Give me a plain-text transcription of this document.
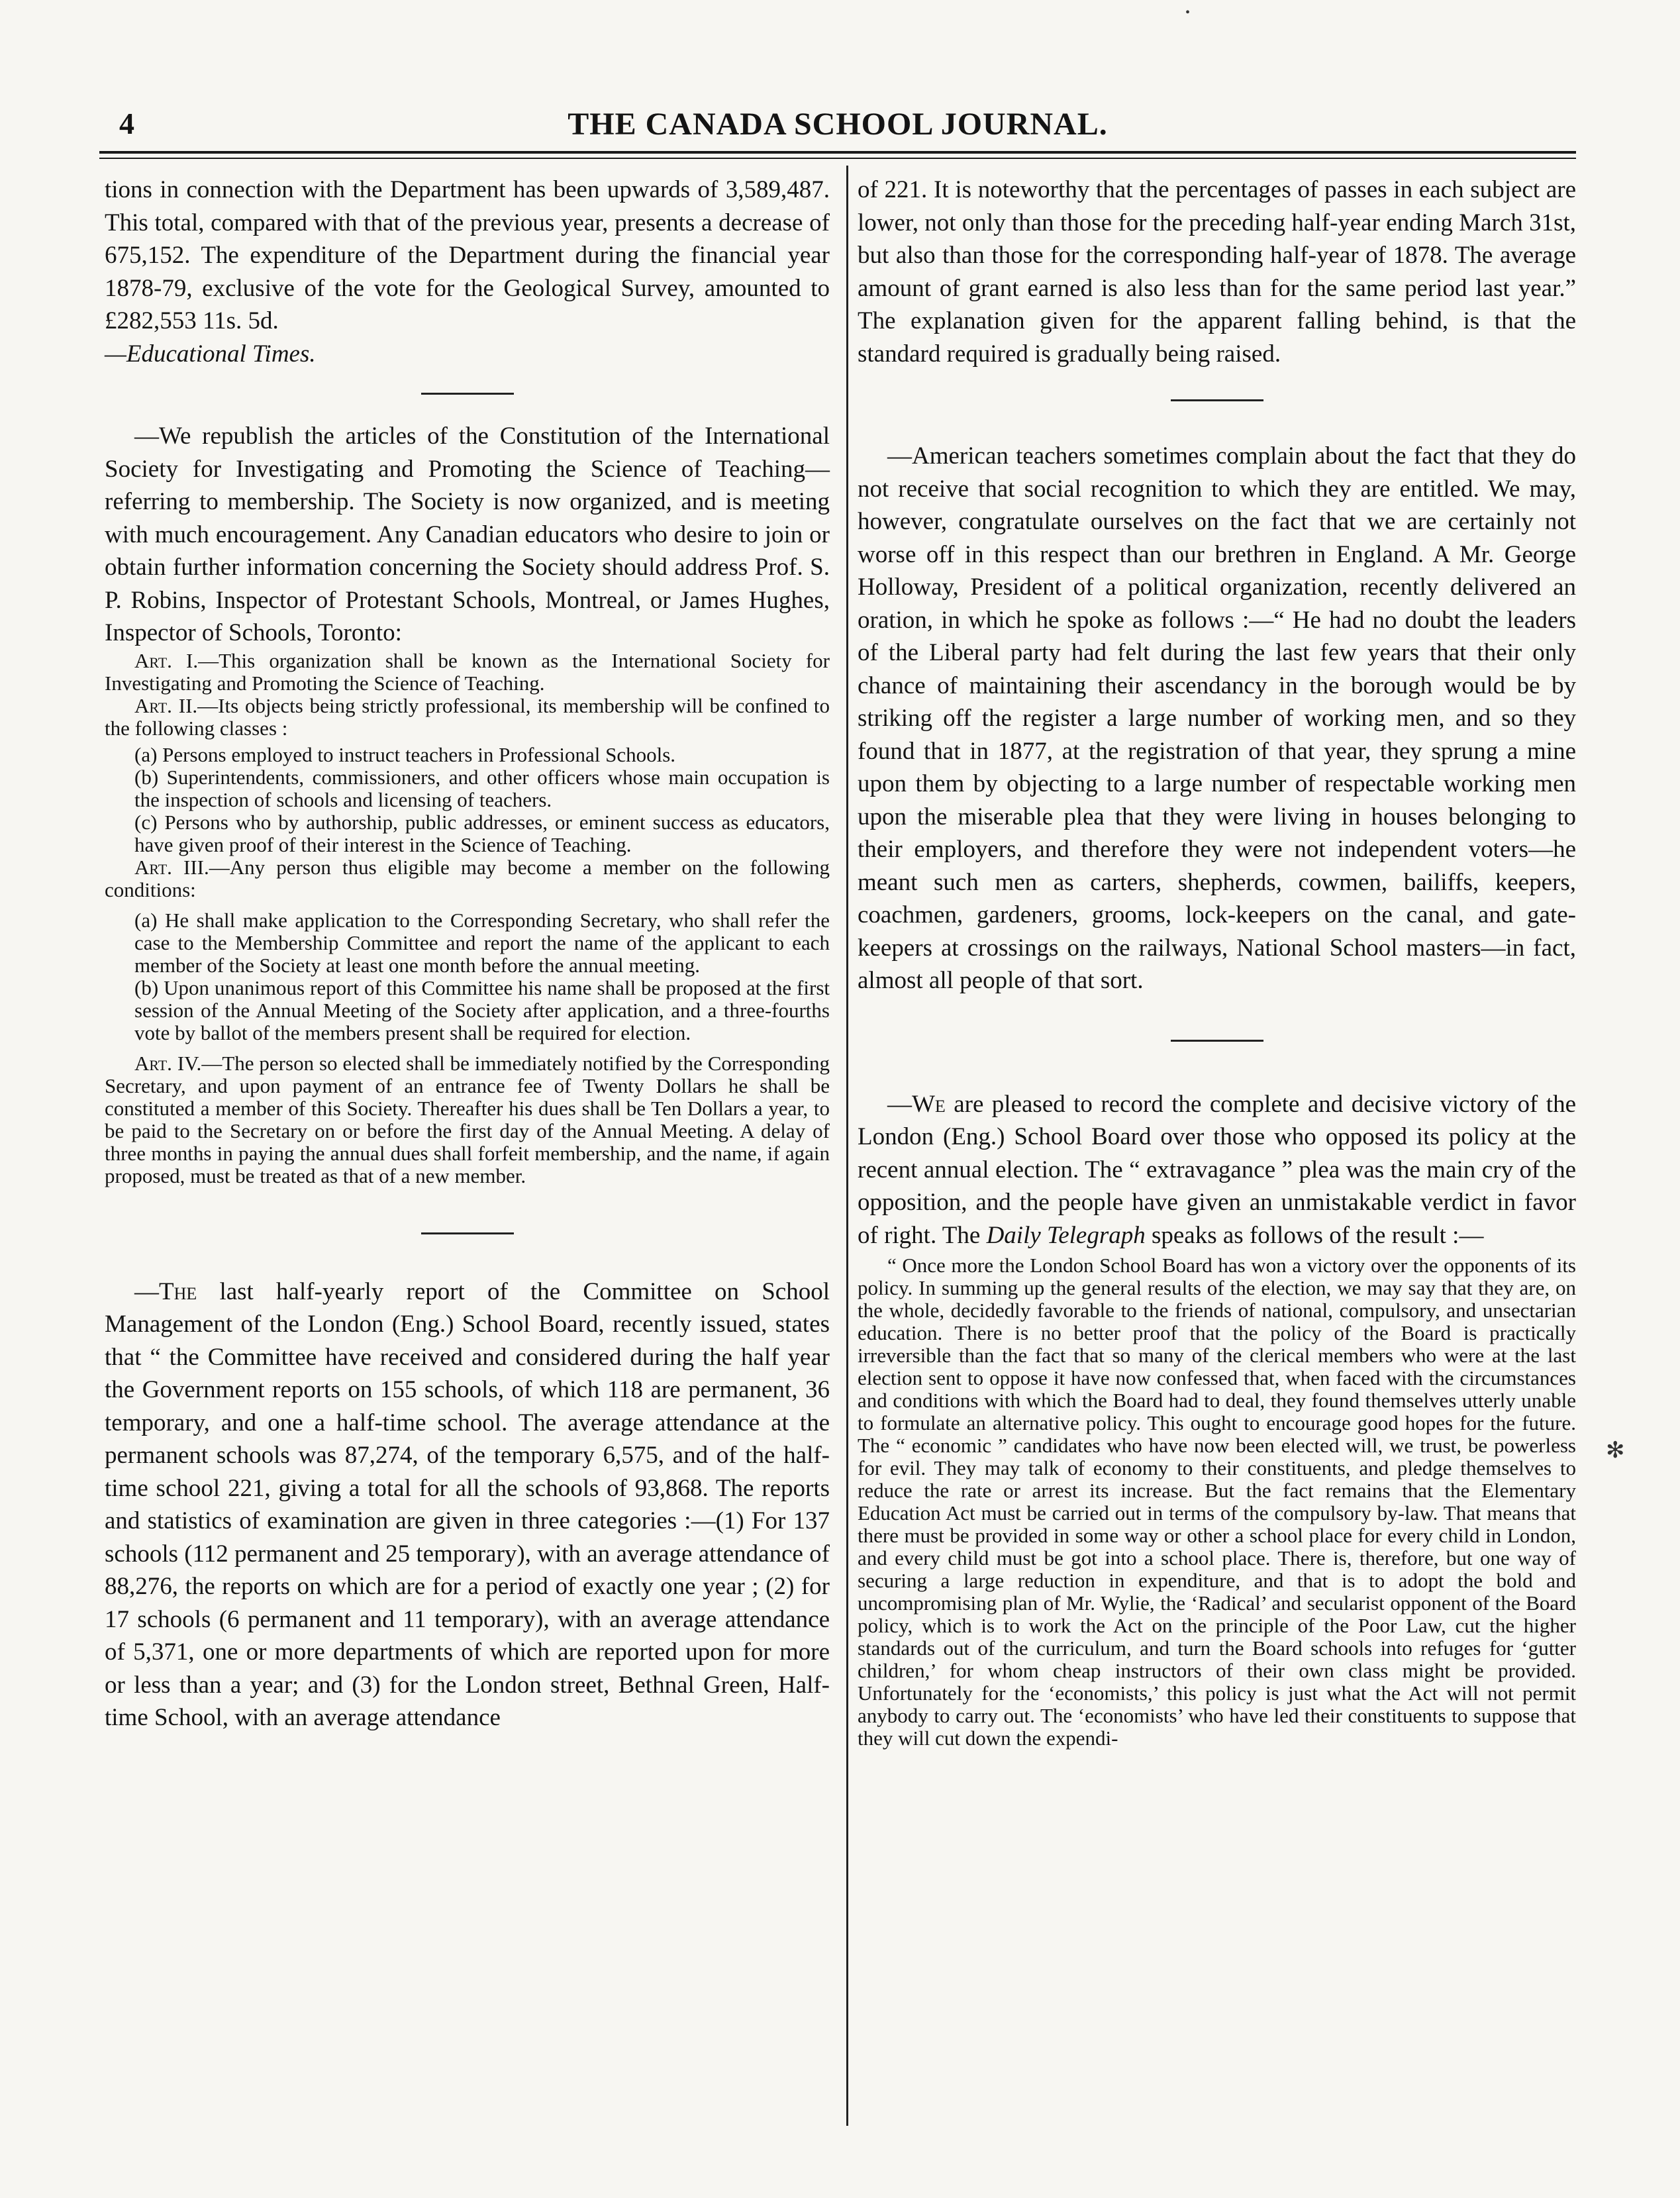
4	THE CANADA SCHOOL JOURNAL.

tions in connection with the Department has been upwards of 3,589,487. This total, compared with that of the previous year, presents a decrease of 675,152. The expenditure of the Department during the financial year 1878-79, exclusive of the vote for the Geological Survey, amounted to £282,553 11s. 5d.

—Educational Times.

—We republish the articles of the Constitution of the International Society for Investigating and Promoting the Science of Teaching—referring to membership. The Society is now organized, and is meeting with much encouragement. Any Canadian educators who desire to join or obtain further information concerning the Society should address Prof. S. P. Robins, Inspector of Protestant Schools, Montreal, or James Hughes, Inspector of Schools, Toronto:

Art. I.—This organization shall be known as the International Society for Investigating and Promoting the Science of Teaching.

Art. II.—Its objects being strictly professional, its membership will be confined to the following classes :

(a) Persons employed to instruct teachers in Professional Schools.

(b) Superintendents, commissioners, and other officers whose main occupation is the inspection of schools and licensing of teachers.

(c) Persons who by authorship, public addresses, or eminent success as educators, have given proof of their interest in the Science of Teaching.

Art. III.—Any person thus eligible may become a member on the following conditions:

(a) He shall make application to the Corresponding Secretary, who shall refer the case to the Membership Committee and report the name of the applicant to each member of the Society at least one month before the annual meeting.

(b) Upon unanimous report of this Committee his name shall be proposed at the first session of the Annual Meeting of the Society after application, and a three-fourths vote by ballot of the members present shall be required for election.

Art. IV.—The person so elected shall be immediately notified by the Corresponding Secretary, and upon payment of an entrance fee of Twenty Dollars he shall be constituted a member of this Society. Thereafter his dues shall be Ten Dollars a year, to be paid to the Secretary on or before the first day of the Annual Meeting. A delay of three months in paying the annual dues shall forfeit membership, and the name, if again proposed, must be treated as that of a new member.

—The last half-yearly report of the Committee on School Management of the London (Eng.) School Board, recently issued, states that “ the Committee have received and considered during the half year the Government reports on 155 schools, of which 118 are permanent, 36 temporary, and one a half-time school. The average attendance at the permanent schools was 87,274, of the temporary 6,575, and of the half-time school 221, giving a total for all the schools of 93,868. The reports and statistics of examination are given in three categories :—(1) For 137 schools (112 permanent and 25 temporary), with an average attendance of 88,276, the reports on which are for a period of exactly one year ; (2) for 17 schools (6 permanent and 11 temporary), with an average attendance of 5,371, one or more departments of which are reported upon for more or less than a year; and (3) for the London street, Bethnal Green, Half-time School, with an average attendance

of 221. It is noteworthy that the percentages of passes in each subject are lower, not only than those for the preceding half-year ending March 31st, but also than those for the corresponding half-year of 1878. The average amount of grant earned is also less than for the same period last year.” The explanation given for the apparent falling behind, is that the standard required is gradually being raised.

—American teachers sometimes complain about the fact that they do not receive that social recognition to which they are entitled. We may, however, congratulate ourselves on the fact that we are certainly not worse off in this respect than our brethren in England. A Mr. George Holloway, President of a political organization, recently delivered an oration, in which he spoke as follows :—“ He had no doubt the leaders of the Liberal party had felt during the last few years that their only chance of maintaining their ascendancy in the borough would be by striking off the register a large number of working men, and so they found that in 1877, at the registration of that year, they sprung a mine upon them by objecting to a large number of respectable working men upon the miserable plea that they were living in houses belonging to their employers, and therefore they were not independent voters—he meant such men as carters, shepherds, cowmen, bailiffs, keepers, coachmen, gardeners, grooms, lock-keepers on the canal, and gate-keepers at crossings on the railways, National School masters—in fact, almost all people of that sort.

—We are pleased to record the complete and decisive victory of the London (Eng.) School Board over those who opposed its policy at the recent annual election. The “ extravagance ” plea was the main cry of the opposition, and the people have given an unmistakable verdict in favor of right. The Daily Telegraph speaks as follows of the result :—

“ Once more the London School Board has won a victory over the opponents of its policy. In summing up the general results of the election, we may say that they are, on the whole, decidedly favorable to the friends of national, compulsory, and unsectarian education. There is no better proof that the policy of the Board is practically irreversible than the fact that so many of the clerical members who were at the last election sent to oppose it have now confessed that, when faced with the circumstances and conditions with which the Board had to deal, they found themselves utterly unable to formulate an alternative policy. This ought to encourage good hopes for the future. The “ economic ” candidates who have now been elected will, we trust, be powerless for evil. They may talk of economy to their constituents, and pledge themselves to reduce the rate or arrest its increase. But the fact remains that the Elementary Education Act must be carried out in terms of the compulsory by-law. That means that there must be provided in some way or other a school place for every child in London, and every child must be got into a school place. There is, therefore, but one way of securing a large reduction in expenditure, and that is to adopt the bold and uncompromising plan of Mr. Wylie, the ‘Radical’ and secularist opponent of the Board policy, which is to work the Act on the principle of the Poor Law, cut the higher standards out of the curriculum, and turn the Board schools into refuges for ‘gutter children,’ for whom cheap instructors of their own class might be provided. Unfortunately for the ‘economists,’ this policy is just what the Act will not permit anybody to carry out. The ‘economists’ who have led their constituents to suppose that they will cut down the expendi-

•
✻
